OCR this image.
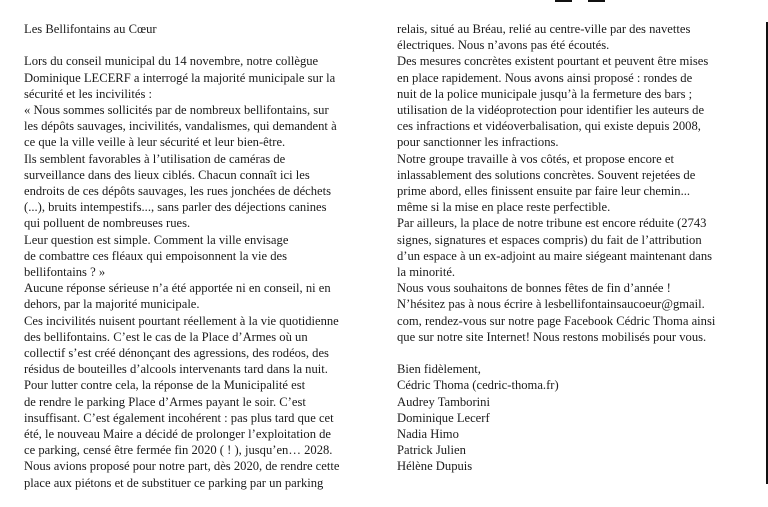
Les Bellifontains au Cœur
Lors du conseil municipal du 14 novembre, notre collègue
Dominique LECERF a interrogé la majorité municipale sur la
sécurité et les incivilités :
« Nous sommes sollicités par de nombreux bellifontains, sur
les dépôts sauvages, incivilités, vandalismes, qui demandent à
ce que la ville veille à leur sécurité et leur bien-être.
Ils semblent favorables à l’utilisation de caméras de
surveillance dans des lieux ciblés. Chacun connaît ici les
endroits de ces dépôts sauvages, les rues jonchées de déchets
(...), bruits intempestifs..., sans parler des déjections canines
qui polluent de nombreuses rues.
Leur question est simple. Comment la ville envisage
de combattre ces fléaux qui empoisonnent la vie des
bellifontains ? »
Aucune réponse sérieuse n’a été apportée ni en conseil, ni en
dehors, par la majorité municipale.
Ces incivilités nuisent pourtant réellement à la vie quotidienne
des bellifontains. C’est le cas de la Place d’Armes où un
collectif s’est créé dénonçant des agressions, des rodéos, des
résidus de bouteilles d’alcools intervenants tard dans la nuit.
Pour lutter contre cela, la réponse de la Municipalité est
de rendre le parking Place d’Armes payant le soir. C’est
insuffisant. C’est également incohérent : pas plus tard que cet
été, le nouveau Maire a décidé de prolonger l’exploitation de
ce parking, censé être fermée fin 2020 ( ! ), jusqu’en… 2028.
Nous avions proposé pour notre part, dès 2020, de rendre cette
place aux piétons et de substituer ce parking par un parking
relais, situé au Bréau, relié au centre-ville par des navettes
électriques. Nous n’avons pas été écoutés.
Des mesures concrètes existent pourtant et peuvent être mises
en place rapidement. Nous avons ainsi proposé : rondes de
nuit de la police municipale jusqu’à la fermeture des bars ;
utilisation de la vidéoprotection pour identifier les auteurs de
ces infractions et vidéoverbalisation, qui existe depuis 2008,
pour sanctionner les infractions.
Notre groupe travaille à vos côtés, et propose encore et
inlassablement des solutions concrètes. Souvent rejetées de
prime abord, elles finissent ensuite par faire leur chemin...
même si la mise en place reste perfectible.
Par ailleurs, la place de notre tribune est encore réduite (2743
signes, signatures et espaces compris) du fait de l’attribution
d’un espace à un ex-adjoint au maire siégeant maintenant dans
la minorité.
Nous vous souhaitons de bonnes fêtes de fin d’année !
N’hésitez pas à nous écrire à lesbellifontainsaucoeur@gmail.
com, rendez-vous sur notre page Facebook Cédric Thoma ainsi
que sur notre site Internet! Nous restons mobilisés pour vous.
Bien fidèlement,
Cédric Thoma (cedric-thoma.fr)
Audrey Tamborini
Dominique Lecerf
Nadia Himo
Patrick Julien
Hélène Dupuis
